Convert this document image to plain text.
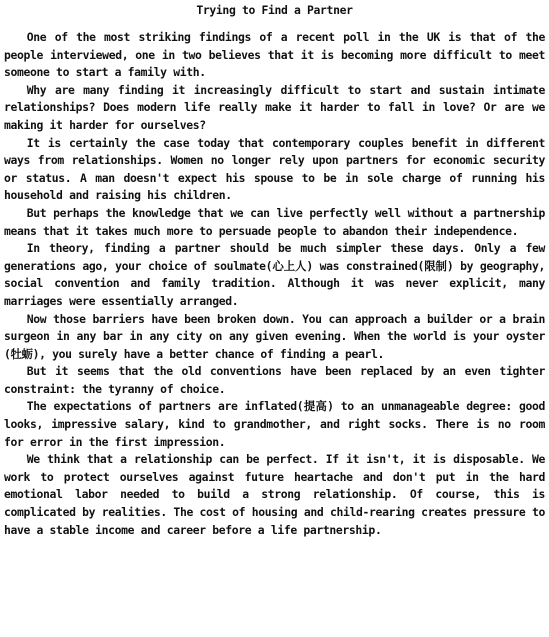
Trying to Find a Partner

One of the most striking findings of a recent poll in the UK is that of the people interviewed, one in two believes that it is becoming more difficult to meet someone to start a family with.

Why are many finding it increasingly difficult to start and sustain intimate relationships? Does modern life really make it harder to fall in love? Or are we making it harder for ourselves?

It is certainly the case today that contemporary couples benefit in different ways from relationships. Women no longer rely upon partners for economic security or status. A man doesn't expect his spouse to be in sole charge of running his household and raising his children.

But perhaps the knowledge that we can live perfectly well without a partnership means that it takes much more to persuade people to abandon their independence.

In theory, finding a partner should be much simpler these days. Only a few generations ago, your choice of soulmate(心上人) was constrained(限制) by geography, social convention and family tradition. Although it was never explicit, many marriages were essentially arranged.

Now those barriers have been broken down. You can approach a builder or a brain surgeon in any bar in any city on any given evening. When the world is your oyster (牡蛎), you surely have a better chance of finding a pearl.

But it seems that the old conventions have been replaced by an even tighter constraint: the tyranny of choice.

The expectations of partners are inflated(提高) to an unmanageable degree: good looks, impressive salary, kind to grandmother, and right socks. There is no room for error in the first impression.

We think that a relationship can be perfect. If it isn't, it is disposable. We work to protect ourselves against future heartache and don't put in the hard emotional labor needed to build a strong relationship. Of course, this is complicated by realities. The cost of housing and child-rearing creates pressure to have a stable income and career before a life partnership.
